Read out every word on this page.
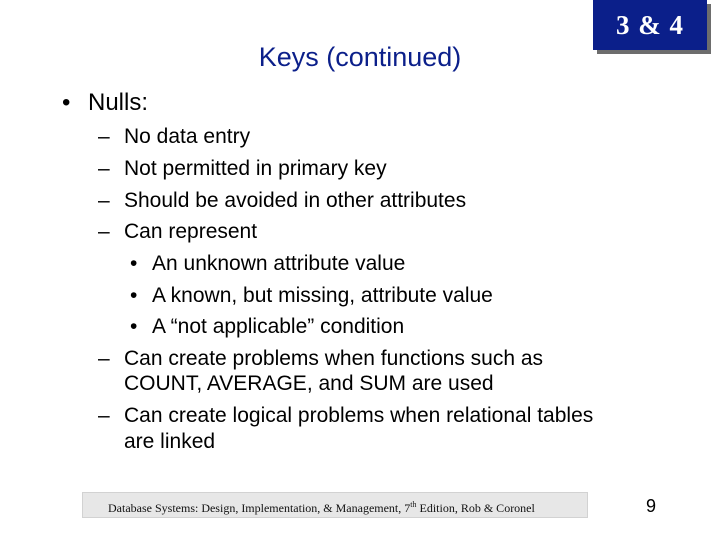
3 & 4
Keys (continued)
• Nulls:
– No data entry
– Not permitted in primary key
– Should be avoided in other attributes
– Can represent
• An unknown attribute value
• A known, but missing, attribute value
• A “not applicable” condition
– Can create problems when functions such as
COUNT, AVERAGE, and SUM are used
– Can create logical problems when relational tables
are linked
Database Systems: Design, Implementation, & Management, 7th Edition, Rob & Coronel	9
